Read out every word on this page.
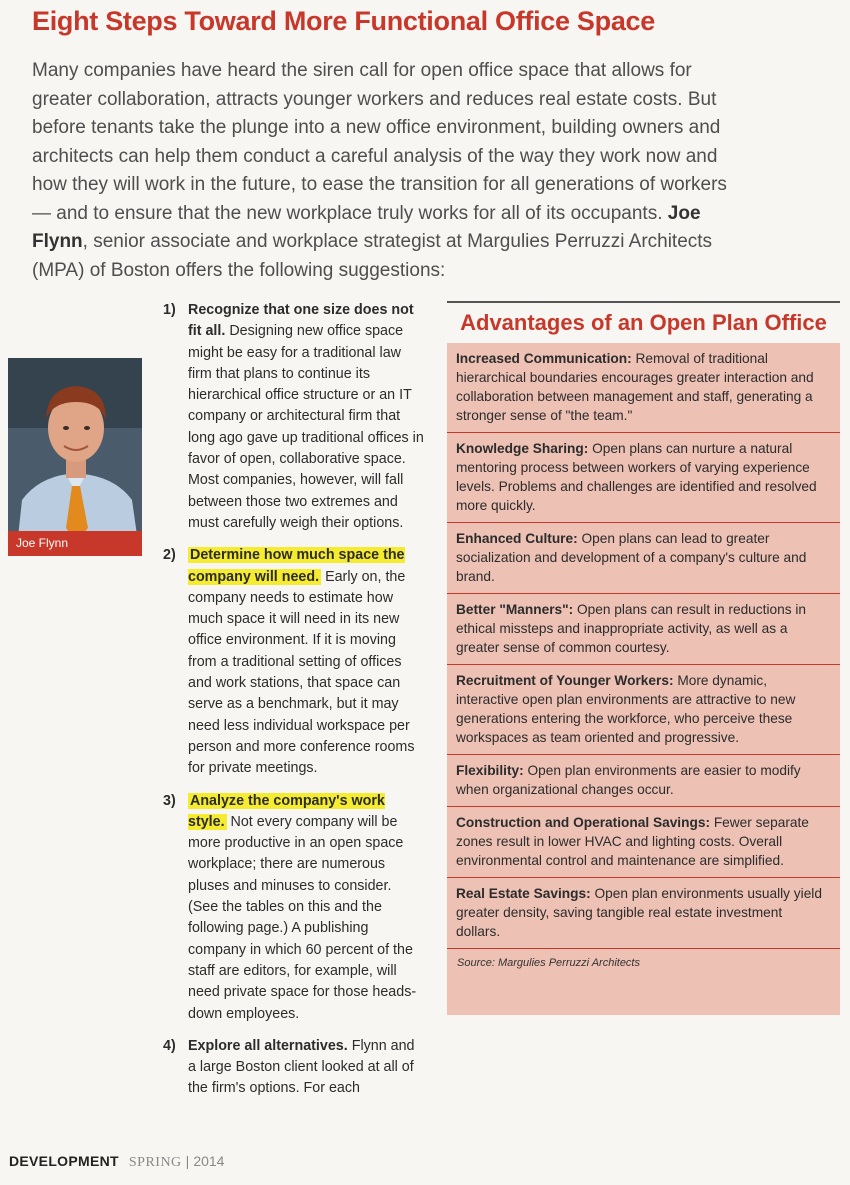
Eight Steps Toward More Functional Office Space
Many companies have heard the siren call for open office space that allows for greater collaboration, attracts younger workers and reduces real estate costs. But before tenants take the plunge into a new office environment, building owners and architects can help them conduct a careful analysis of the way they work now and how they will work in the future, to ease the transition for all generations of workers — and to ensure that the new workplace truly works for all of its occupants. Joe Flynn, senior associate and workplace strategist at Margulies Perruzzi Architects (MPA) of Boston offers the following suggestions:
Joe Flynn
1) Recognize that one size does not fit all. Designing new office space might be easy for a traditional law firm that plans to continue its hierarchical office structure or an IT company or architectural firm that long ago gave up traditional offices in favor of open, collaborative space. Most companies, however, will fall between those two extremes and must carefully weigh their options.
2) Determine how much space the company will need. Early on, the company needs to estimate how much space it will need in its new office environment. If it is moving from a traditional setting of offices and work stations, that space can serve as a benchmark, but it may need less individual workspace per person and more conference rooms for private meetings.
3) Analyze the company's work style. Not every company will be more productive in an open space workplace; there are numerous pluses and minuses to consider. (See the tables on this and the following page.) A publishing company in which 60 percent of the staff are editors, for example, will need private space for those heads-down employees.
4) Explore all alternatives. Flynn and a large Boston client looked at all of the firm's options. For each
Advantages of an Open Plan Office
Increased Communication: Removal of traditional hierarchical boundaries encourages greater interaction and collaboration between management and staff, generating a stronger sense of "the team."
Knowledge Sharing: Open plans can nurture a natural mentoring process between workers of varying experience levels. Problems and challenges are identified and resolved more quickly.
Enhanced Culture: Open plans can lead to greater socialization and development of a company's culture and brand.
Better "Manners": Open plans can result in reductions in ethical missteps and inappropriate activity, as well as a greater sense of common courtesy.
Recruitment of Younger Workers: More dynamic, interactive open plan environments are attractive to new generations entering the workforce, who perceive these workspaces as team oriented and progressive.
Flexibility: Open plan environments are easier to modify when organizational changes occur.
Construction and Operational Savings: Fewer separate zones result in lower HVAC and lighting costs. Overall environmental control and maintenance are simplified.
Real Estate Savings: Open plan environments usually yield greater density, saving tangible real estate investment dollars.
Source: Margulies Perruzzi Architects
DEVELOPMENT SPRING | 2014
